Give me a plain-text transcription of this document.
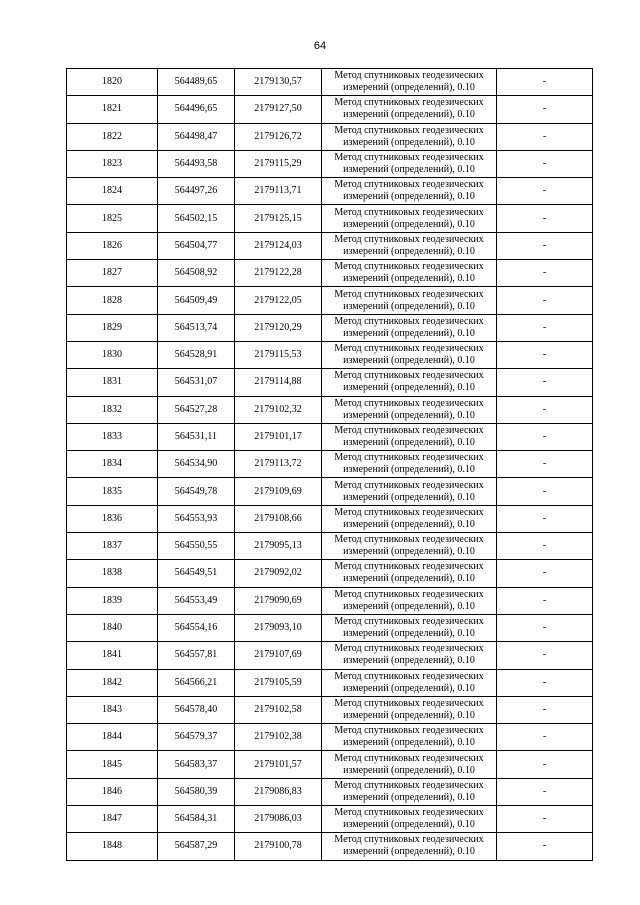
64
1820	564489,65	2179130,57	Метод спутниковых геодезических измерений (определений), 0.10	-
1821	564496,65	2179127,50	Метод спутниковых геодезических измерений (определений), 0.10	-
1822	564498,47	2179126,72	Метод спутниковых геодезических измерений (определений), 0.10	-
1823	564493,58	2179115,29	Метод спутниковых геодезических измерений (определений), 0.10	-
1824	564497,26	2179113,71	Метод спутниковых геодезических измерений (определений), 0.10	-
1825	564502,15	2179125,15	Метод спутниковых геодезических измерений (определений), 0.10	-
1826	564504,77	2179124,03	Метод спутниковых геодезических измерений (определений), 0.10	-
1827	564508,92	2179122,28	Метод спутниковых геодезических измерений (определений), 0.10	-
1828	564509,49	2179122,05	Метод спутниковых геодезических измерений (определений), 0.10	-
1829	564513,74	2179120,29	Метод спутниковых геодезических измерений (определений), 0.10	-
1830	564528,91	2179115,53	Метод спутниковых геодезических измерений (определений), 0.10	-
1831	564531,07	2179114,88	Метод спутниковых геодезических измерений (определений), 0.10	-
1832	564527,28	2179102,32	Метод спутниковых геодезических измерений (определений), 0.10	-
1833	564531,11	2179101,17	Метод спутниковых геодезических измерений (определений), 0.10	-
1834	564534,90	2179113,72	Метод спутниковых геодезических измерений (определений), 0.10	-
1835	564549,78	2179109,69	Метод спутниковых геодезических измерений (определений), 0.10	-
1836	564553,93	2179108,66	Метод спутниковых геодезических измерений (определений), 0.10	-
1837	564550,55	2179095,13	Метод спутниковых геодезических измерений (определений), 0.10	-
1838	564549,51	2179092,02	Метод спутниковых геодезических измерений (определений), 0.10	-
1839	564553,49	2179090,69	Метод спутниковых геодезических измерений (определений), 0.10	-
1840	564554,16	2179093,10	Метод спутниковых геодезических измерений (определений), 0.10	-
1841	564557,81	2179107,69	Метод спутниковых геодезических измерений (определений), 0.10	-
1842	564566,21	2179105,59	Метод спутниковых геодезических измерений (определений), 0.10	-
1843	564578,40	2179102,58	Метод спутниковых геодезических измерений (определений), 0.10	-
1844	564579,37	2179102,38	Метод спутниковых геодезических измерений (определений), 0.10	-
1845	564583,37	2179101,57	Метод спутниковых геодезических измерений (определений), 0.10	-
1846	564580,39	2179086,83	Метод спутниковых геодезических измерений (определений), 0.10	-
1847	564584,31	2179086,03	Метод спутниковых геодезических измерений (определений), 0.10	-
1848	564587,29	2179100,78	Метод спутниковых геодезических измерений (определений), 0.10	-
